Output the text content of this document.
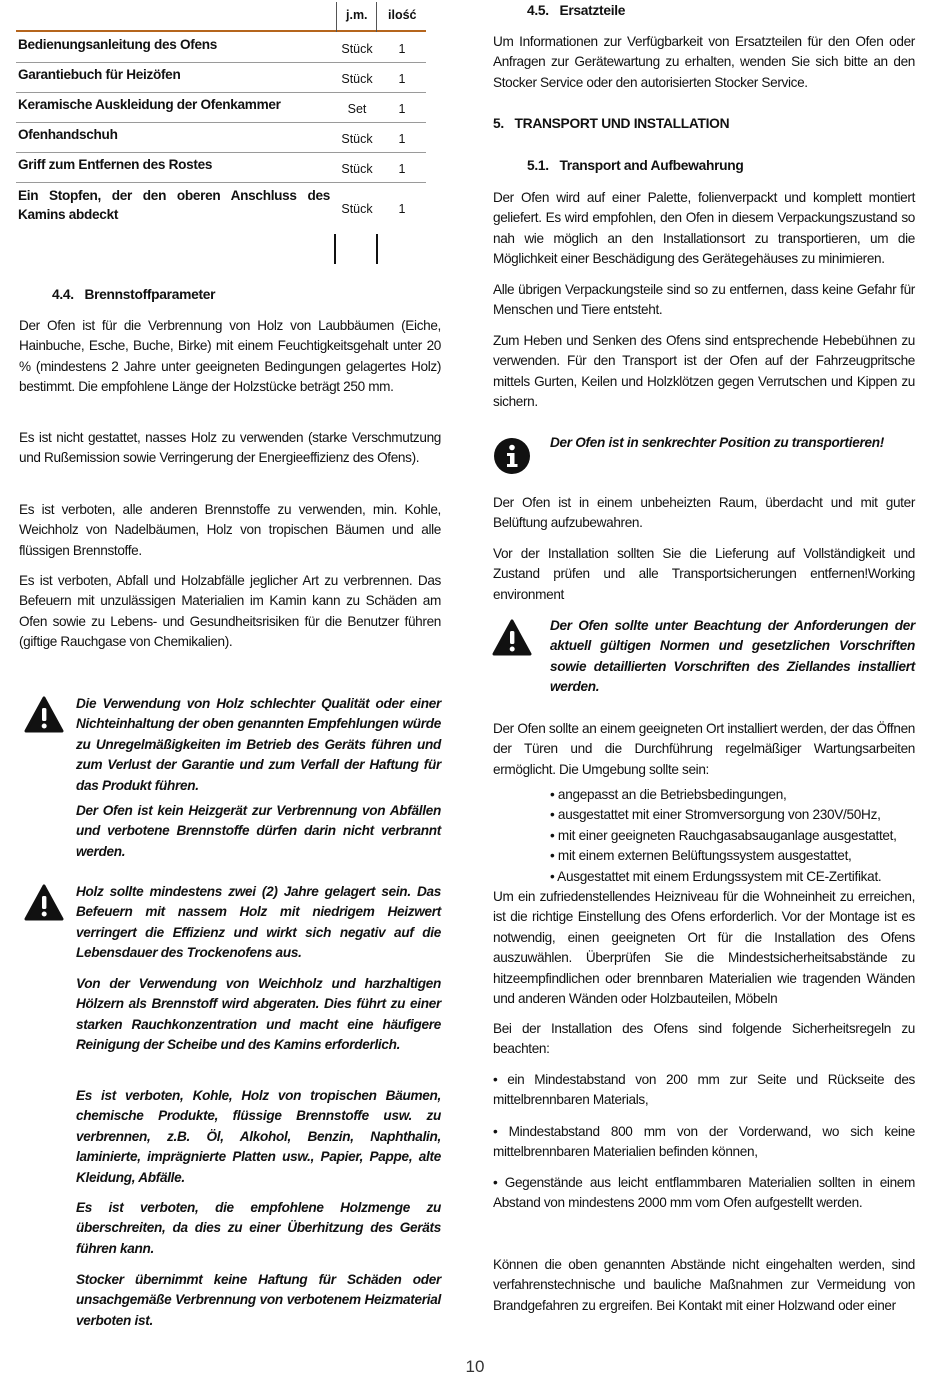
j.m. ilość
Bedienungsanleitung des Ofens	Stück	1
Garantiebuch für Heizöfen	Stück	1
Keramische Auskleidung der Ofenkammer	Set	1
Ofenhandschuh	Stück	1
Griff zum Entfernen des Rostes	Stück	1
Ein Stopfen, der den oberen Anschluss des Kamins abdeckt	Stück	1
4.4. Brennstoffparameter

Der Ofen ist für die Verbrennung von Holz von Laubbäumen (Eiche, Hainbuche, Esche, Buche, Birke) mit einem Feuchtigkeitsgehalt unter 20 % (mindestens 2 Jahre unter geeigneten Bedingungen gelagertes Holz) bestimmt. Die empfohlene Länge der Holzstücke beträgt 250 mm.

Es ist nicht gestattet, nasses Holz zu verwenden (starke Verschmutzung und Rußemission sowie Verringerung der Energieeffizienz des Ofens).

Es ist verboten, alle anderen Brennstoffe zu verwenden, min. Kohle, Weichholz von Nadelbäumen, Holz von tropischen Bäumen und alle flüssigen Brennstoffe.

Es ist verboten, Abfall und Holzabfälle jeglicher Art zu verbrennen. Das Befeuern mit unzulässigen Materialien im Kamin kann zu Schäden am Ofen sowie zu Lebens- und Gesundheitsrisiken für die Benutzer führen (giftige Rauchgase von Chemikalien).

Die Verwendung von Holz schlechter Qualität oder einer Nichteinhaltung der oben genannten Empfehlungen würde zu Unregelmäßigkeiten im Betrieb des Geräts führen und zum Verlust der Garantie und zum Verfall der Haftung für das Produkt führen.

Der Ofen ist kein Heizgerät zur Verbrennung von Abfällen und verbotene Brennstoffe dürfen darin nicht verbrannt werden.

Holz sollte mindestens zwei (2) Jahre gelagert sein. Das Befeuern mit nassem Holz mit niedrigem Heizwert verringert die Effizienz und wirkt sich negativ auf die Lebensdauer des Trockenofens aus.

Von der Verwendung von Weichholz und harzhaltigen Hölzern als Brennstoff wird abgeraten. Dies führt zu einer starken Rauchkonzentration und macht eine häufigere Reinigung der Scheibe und des Kamins erforderlich.

Es ist verboten, Kohle, Holz von tropischen Bäumen, chemische Produkte, flüssige Brennstoffe usw. zu verbrennen, z.B. Öl, Alkohol, Benzin, Naphthalin, laminierte, imprägnierte Platten usw., Papier, Pappe, alte Kleidung, Abfälle.

Es ist verboten, die empfohlene Holzmenge zu überschreiten, da dies zu einer Überhitzung des Geräts führen kann.

Stocker übernimmt keine Haftung für Schäden oder unsachgemäße Verbrennung von verbotenem Heizmaterial verboten ist.

4.5. Ersatzteile

Um Informationen zur Verfügbarkeit von Ersatzteilen für den Ofen oder Anfragen zur Gerätewartung zu erhalten, wenden Sie sich bitte an den Stocker Service oder den autorisierten Stocker Service.

5. TRANSPORT UND INSTALLATION
5.1. Transport and Aufbewahrung

Der Ofen wird auf einer Palette, folienverpackt und komplett montiert geliefert. Es wird empfohlen, den Ofen in diesem Verpackungszustand so nah wie möglich an den Installationsort zu transportieren, um die Möglichkeit einer Beschädigung des Gerätegehäuses zu minimieren.

Alle übrigen Verpackungsteile sind so zu entfernen, dass keine Gefahr für Menschen und Tiere entsteht.

Zum Heben und Senken des Ofens sind entsprechende Hebebühnen zu verwenden. Für den Transport ist der Ofen auf der Fahrzeugpritsche mittels Gurten, Keilen und Holzklötzen gegen Verrutschen und Kippen zu sichern.

Der Ofen ist in senkrechter Position zu transportieren!

Der Ofen ist in einem unbeheizten Raum, überdacht und mit guter Belüftung aufzubewahren.

Vor der Installation sollten Sie die Lieferung auf Vollständigkeit und Zustand prüfen und alle Transportsicherungen entfernen!Working environment

Der Ofen sollte unter Beachtung der Anforderungen der aktuell gültigen Normen und gesetzlichen Vorschriften sowie detaillierten Vorschriften des Ziellandes installiert werden.

Der Ofen sollte an einem geeigneten Ort installiert werden, der das Öffnen der Türen und die Durchführung regelmäßiger Wartungsarbeiten ermöglicht. Die Umgebung sollte sein:

• angepasst an die Betriebsbedingungen,
• ausgestattet mit einer Stromversorgung von 230V/50Hz,
• mit einer geeigneten Rauchgasabsauganlage ausgestattet,
• mit einem externen Belüftungssystem ausgestattet,
• Ausgestattet mit einem Erdungssystem mit CE-Zertifikat.

Um ein zufriedenstellendes Heizniveau für die Wohneinheit zu erreichen, ist die richtige Einstellung des Ofens erforderlich. Vor der Montage ist es notwendig, einen geeigneten Ort für die Installation des Ofens auszuwählen. Überprüfen Sie die Mindestsicherheitsabstände zu hitzeempfindlichen oder brennbaren Materialien wie tragenden Wänden und anderen Wänden oder Holzbauteilen, Möbeln

Bei der Installation des Ofens sind folgende Sicherheitsregeln zu beachten:

• ein Mindestabstand von 200 mm zur Seite und Rückseite des mittelbrennbaren Materials,

• Mindestabstand 800 mm von der Vorderwand, wo sich keine mittelbrennbaren Materialien befinden können,

• Gegenstände aus leicht entflammbaren Materialien sollten in einem Abstand von mindestens 2000 mm vom Ofen aufgestellt werden.

Können die oben genannten Abstände nicht eingehalten werden, sind verfahrenstechnische und bauliche Maßnahmen zur Vermeidung von Brandgefahren zu ergreifen. Bei Kontakt mit einer Holzwand oder einer

10
